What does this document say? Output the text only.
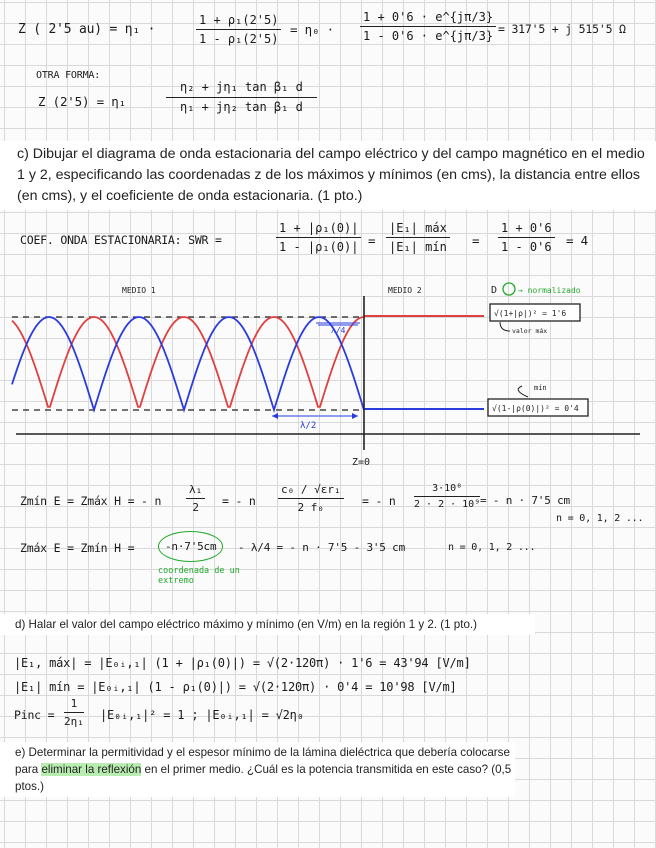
Z ( 2'5 au) = η₁ ·	$\frac{\text{1 + ρ₁(2'5)}}{\text{1 - ρ₁(2'5)}} = \eta_0 \cdot \frac{1 + 0'6 \cdot e\^{}\{j\pi/3\}}{1 - 0'6 \cdot e\^{}\{j\pi/3\}} = 317'5 + j$ 515'5 Ω
OTRA FORMA:
Z (2'5) = η₁	$\frac{\text{η₂ + jη₁ tan β₁ d}}{\text{η₁ + jη₂ tan β₁ d}}$
c) Dibujar el diagrama de onda estacionaria del campo eléctrico y del campo magnético en el medio 1 y 2, especificando las coordenadas z de los máximos y mínimos (en cms), la distancia entre ellos (en cms), y el coeficiente de onda estacionaria. (1 pto.)
COEF. ONDA ESTACIONARIA: SWR =	$\frac{\text{1 + |ρ₁(0)|}}{\text{1 - |ρ₁(0)|}}$ =
|E₁| máx
|E₁| mín = $\frac{1 + 0'6}{1 - 0'6} = 4$
MEDIO 1	MEDIO 2	D	→ normalizado
Z=0
λ/4
λ/2
√(1+|ρ|)² = 1'6
valor máx
√(1-|ρ(0)|)² = 0'4
mín
Zmín E = Zmáx H = - n $\frac{\text{λ₁}}{2}$ = - n $\frac{\text{c₀ / √εr₁}}{\text{2 f₀}}$ = - n $\frac{\text{3·10⁸}}{\text{2 · 2 · 10⁹}}$ = - n · 7'5 cm
n = 0, 1, 2 ...
Zmáx E = Zmín H =	-n·7'5cm	- λ/4 = - n · 7'5 - 3'5 cm	n = 0, 1, 2 ...
coordenada de un extremo
d) Halar el valor del campo eléctrico máximo y mínimo (en V/m) en la región 1 y 2. (1 pto.)
|E₁, máx| = |E₀ᵢ,₁| (1 + |ρ₁(0)|) = √(2·120π) · 1'6 = 43'94 [V/m]
|E₁| mín = |E₀ᵢ,₁| (1 - ρ₁(0)|) = √(2·120π) · 0'4 = 10'98 [V/m]
Pinc = $\frac{1}{\text{2η₁}}$ |E₀ᵢ,₁|² = 1 ; |E₀ᵢ,₁| = √2η₀
e) Determinar la permitividad y el espesor mínimo de la lámina dieléctrica que debería colocarse para eliminar la reflexión en el primer medio. ¿Cuál es la potencia transmitida en este caso? (0,5 ptos.)
